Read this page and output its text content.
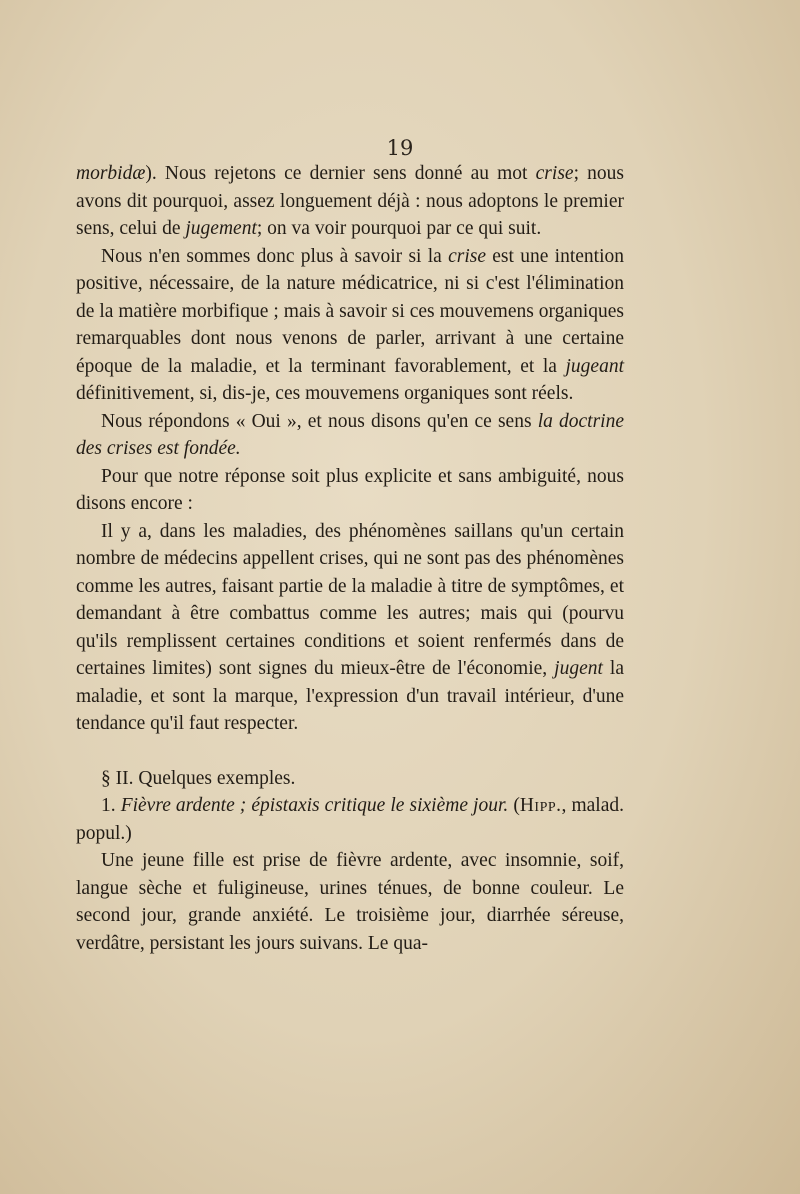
19

morbidæ). Nous rejetons ce dernier sens donné au mot crise; nous avons dit pourquoi, assez longuement déjà : nous adoptons le premier sens, celui de jugement; on va voir pourquoi par ce qui suit.

Nous n'en sommes donc plus à savoir si la crise est une intention positive, nécessaire, de la nature médicatrice, ni si c'est l'élimination de la matière morbifique ; mais à savoir si ces mouvemens organiques remarquables dont nous venons de parler, arrivant à une certaine époque de la maladie, et la terminant favorablement, et la jugeant définitivement, si, dis-je, ces mouvemens organiques sont réels.

Nous répondons « Oui », et nous disons qu'en ce sens la doctrine des crises est fondée.

Pour que notre réponse soit plus explicite et sans ambiguité, nous disons encore :

Il y a, dans les maladies, des phénomènes saillans qu'un certain nombre de médecins appellent crises, qui ne sont pas des phénomènes comme les autres, faisant partie de la maladie à titre de symptômes, et demandant à être combattus comme les autres; mais qui (pourvu qu'ils remplissent certaines conditions et soient renfermés dans de certaines limites) sont signes du mieux-être de l'économie, jugent la maladie, et sont la marque, l'expression d'un travail intérieur, d'une tendance qu'il faut respecter.

§ II. Quelques exemples.

1. Fièvre ardente ; épistaxis critique le sixième jour. (Hipp., malad. popul.)

Une jeune fille est prise de fièvre ardente, avec insomnie, soif, langue sèche et fuligineuse, urines ténues, de bonne couleur. Le second jour, grande anxiété. Le troisième jour, diarrhée séreuse, verdâtre, persistant les jours suivans. Le qua-
